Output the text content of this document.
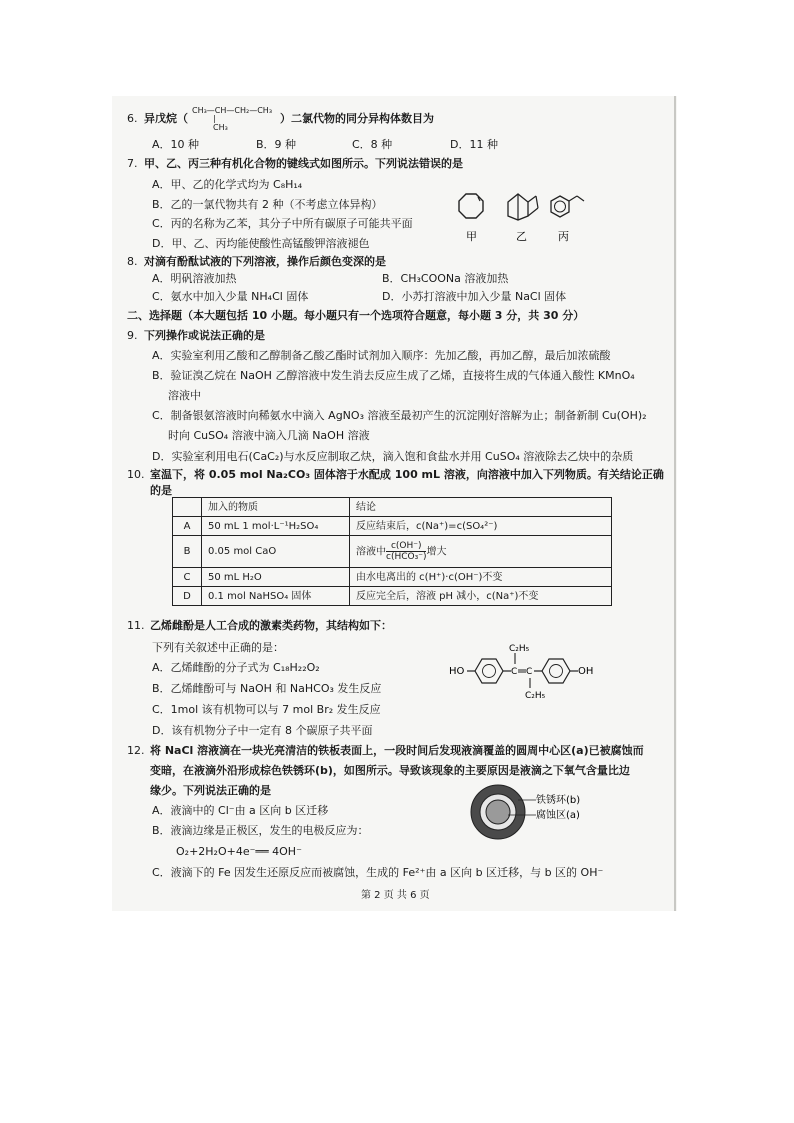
6. 异戊烷（
CH₃—CH—CH₂—CH₃
|
CH₃
）二氯代物的同分异构体数目为
A．10 种	B．9 种	C．8 种	D．11 种
7. 甲、乙、丙三种有机化合物的键线式如图所示。下列说法错误的是
A．甲、乙的化学式均为 C₈H₁₄
B．乙的一氯代物共有 2 种（不考虑立体异构）
C．丙的名称为乙苯，其分子中所有碳原子可能共平面
D．甲、乙、丙均能使酸性高锰酸钾溶液褪色
甲	乙	丙
8. 对滴有酚酞试液的下列溶液，操作后颜色变深的是
A．明矾溶液加热	B．CH₃COONa 溶液加热
C．氨水中加入少量 NH₄Cl 固体	D．小苏打溶液中加入少量 NaCl 固体
二、选择题（本大题包括 10 小题。每小题只有一个选项符合题意，每小题 3 分，共 30 分）
9. 下列操作或说法正确的是
A．实验室利用乙酸和乙醇制备乙酸乙酯时试剂加入顺序：先加乙酸，再加乙醇，最后加浓硫酸
B．验证溴乙烷在 NaOH 乙醇溶液中发生消去反应生成了乙烯，直接将生成的气体通入酸性 KMnO₄
溶液中
C．制备银氨溶液时向稀氨水中滴入 AgNO₃ 溶液至最初产生的沉淀刚好溶解为止；制备新制 Cu(OH)₂
时向 CuSO₄ 溶液中滴入几滴 NaOH 溶液
D．实验室利用电石(CaC₂)与水反应制取乙炔，滴入饱和食盐水并用 CuSO₄ 溶液除去乙炔中的杂质
10. 室温下，将 0.05 mol Na₂CO₃ 固体溶于水配成 100 mL 溶液，向溶液中加入下列物质。有关结论正确
的是
	加入的物质	结论
A	50 mL 1 mol·L⁻¹H₂SO₄	反应结束后，c(Na⁺)=c(SO₄²⁻)
B	0.05 mol CaO	溶液中 $\frac{c(OH^-)}{\text{c(HCO₃⁻)}}$ 增大
C	50 mL H₂O	由水电离出的 c(H⁺)·c(OH⁻)不变
D	0.1 mol NaHSO₄ 固体	反应完全后，溶液 pH 减小，c(Na⁺)不变
11. 乙烯雌酚是人工合成的激素类药物，其结构如下：
下列有关叙述中正确的是：
A．乙烯雌酚的分子式为 C₁₈H₂₂O₂
B．乙烯雌酚可与 NaOH 和 NaHCO₃ 发生反应
C．1mol 该有机物可以与 7 mol Br₂ 发生反应
D．该有机物分子中一定有 8 个碳原子共平面
HO	C C
C₂H₅
C₂H₅
OH
12. 将 NaCl 溶液滴在一块光亮清洁的铁板表面上，一段时间后发现液滴覆盖的圆周中心区(a)已被腐蚀而
变暗，在液滴外沿形成棕色铁锈环(b)，如图所示。导致该现象的主要原因是液滴之下氧气含量比边
缘少。下列说法正确的是
A．液滴中的 Cl⁻由 a 区向 b 区迁移
B．液滴边缘是正极区，发生的电极反应为：
O₂+2H₂O+4e⁻══ 4OH⁻
C．液滴下的 Fe 因发生还原反应而被腐蚀，生成的 Fe²⁺由 a 区向 b 区迁移，与 b 区的 OH⁻
铁锈环(b)
腐蚀区(a)
第 2 页 共 6 页
